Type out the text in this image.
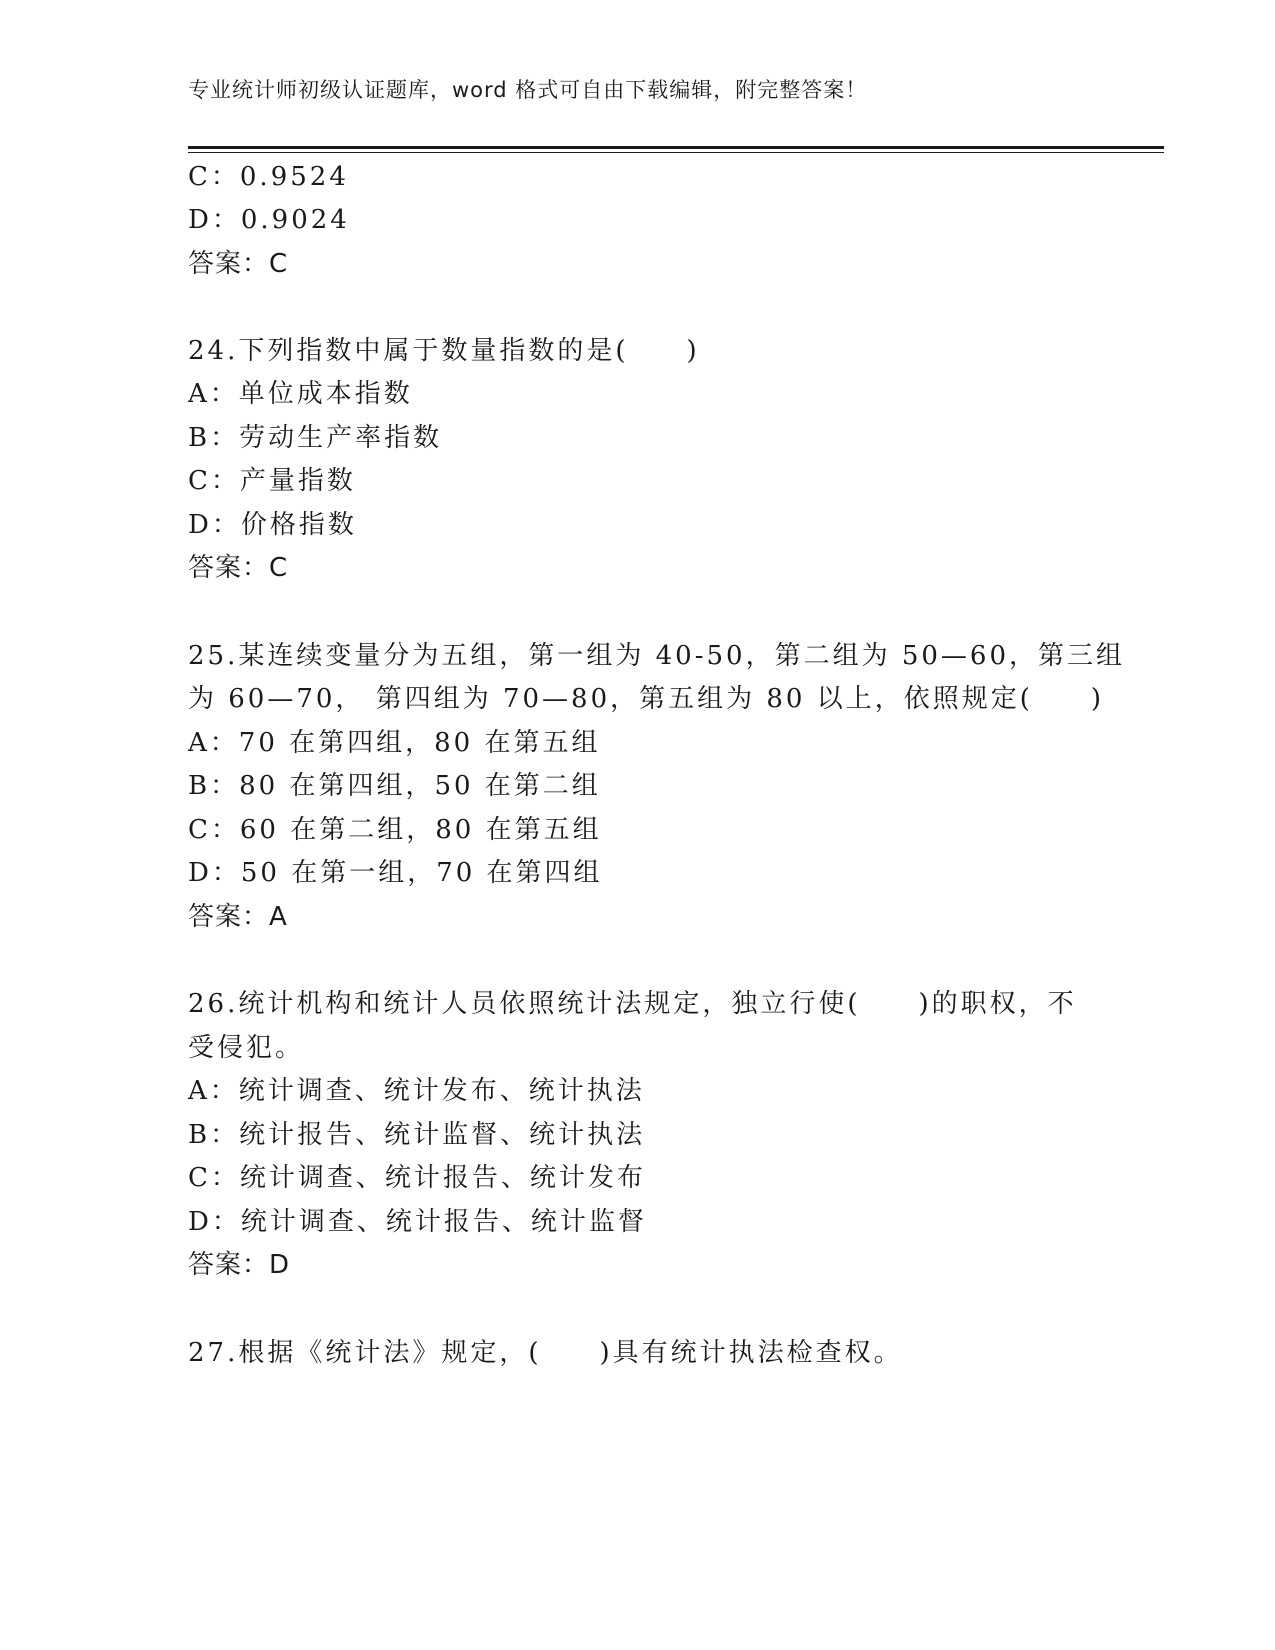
专业统计师初级认证题库，word 格式可自由下载编辑，附完整答案！
C：0.9524
D：0.9024
答案：C
24.下列指数中属于数量指数的是(　　)
A：单位成本指数
B：劳动生产率指数
C：产量指数
D：价格指数
答案：C
25.某连续变量分为五组，第一组为 40-50，第二组为 50—60，第三组
为 60—70， 第四组为 70—80，第五组为 80 以上，依照规定(　　)
A：70 在第四组，80 在第五组
B：80 在第四组，50 在第二组
C：60 在第二组，80 在第五组
D：50 在第一组，70 在第四组
答案：A
26.统计机构和统计人员依照统计法规定，独立行使(　　)的职权，不
受侵犯。
A：统计调查、统计发布、统计执法
B：统计报告、统计监督、统计执法
C：统计调查、统计报告、统计发布
D：统计调查、统计报告、统计监督
答案：D
27.根据《统计法》规定，(　　)具有统计执法检查权。
